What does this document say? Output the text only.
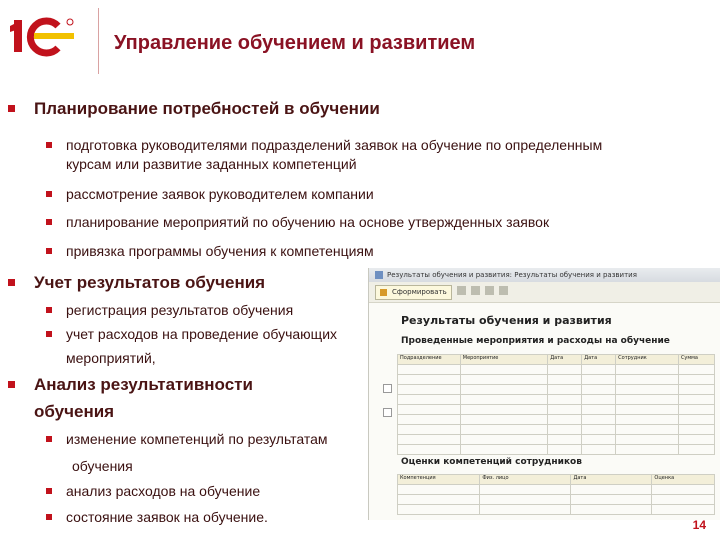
Управление обучением и развитием
Планирование потребностей в обучении
подготовка руководителями подразделений заявок на обучение по определенным
курсам или развитие заданных компетенций
рассмотрение заявок руководителем компании
планирование мероприятий по обучению на основе утвержденных заявок
привязка программы обучения к компетенциям
Учет результатов обучения
регистрация результатов обучения
учет расходов на проведение обучающих
мероприятий,
Анализ результативности
обучения
изменение компетенций по результатам
обучения
анализ расходов на обучение
состояние заявок на обучение.
Результаты обучения и развития: Результаты обучения и развития
Сформировать
Результаты обучения и развития
Проведенные мероприятия и расходы на обучение
Подразделение	Мероприятие	Дата	Дата	Сотрудник	Сумма

Оценки компетенций сотрудников
Компетенция	Физ. лицо	Дата	Оценка

14
